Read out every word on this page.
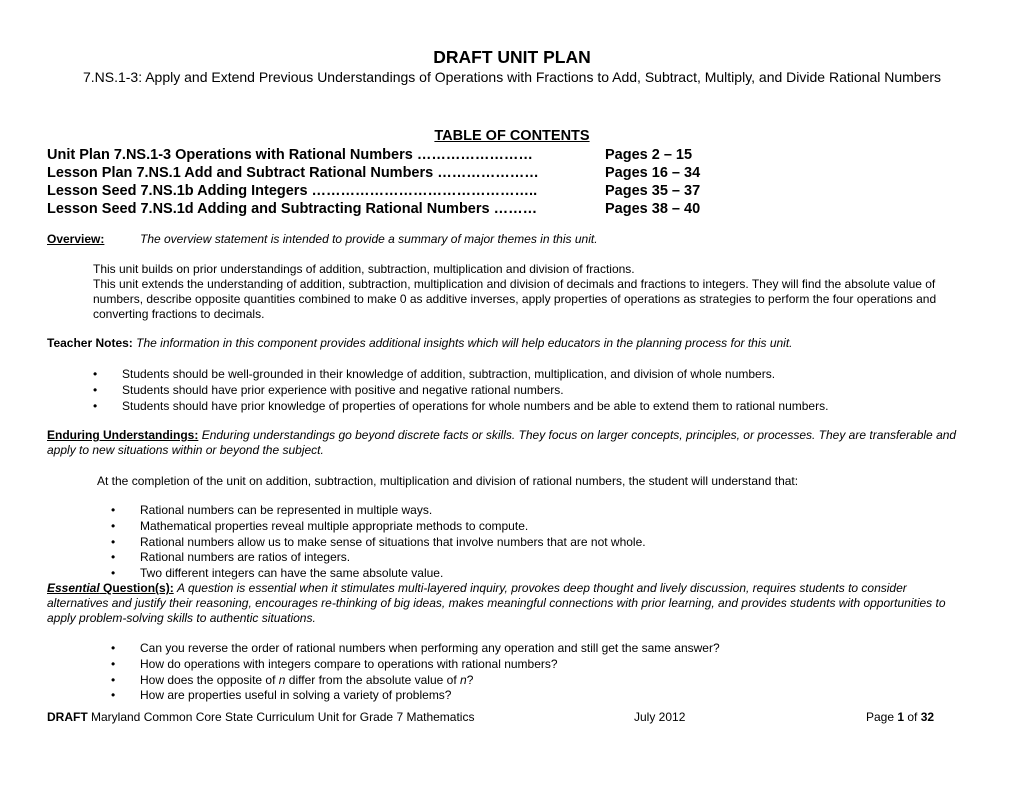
DRAFT UNIT PLAN
7.NS.1-3: Apply and Extend Previous Understandings of Operations with Fractions to Add, Subtract, Multiply, and Divide Rational Numbers
TABLE OF CONTENTS
Unit Plan 7.NS.1-3 Operations with Rational Numbers ……………………	Pages 2 – 15
Lesson Plan 7.NS.1 Add and Subtract Rational Numbers …………………	Pages 16 – 34
Lesson Seed 7.NS.1b Adding Integers ………………………………………..	Pages 35 – 37
Lesson Seed 7.NS.1d Adding and Subtracting Rational Numbers ………	Pages 38 – 40
Overview:	The overview statement is intended to provide a summary of major themes in this unit.
This unit builds on prior understandings of addition, subtraction, multiplication and division of fractions.
This unit extends the understanding of addition, subtraction, multiplication and division of decimals and fractions to integers. They will find the absolute value of numbers, describe opposite quantities combined to make 0 as additive inverses, apply properties of operations as strategies to perform the four operations and converting fractions to decimals.
Teacher Notes: The information in this component provides additional insights which will help educators in the planning process for this unit.
• Students should be well-grounded in their knowledge of addition, subtraction, multiplication, and division of whole numbers.
• Students should have prior experience with positive and negative rational numbers.
• Students should have prior knowledge of properties of operations for whole numbers and be able to extend them to rational numbers.
Enduring Understandings: Enduring understandings go beyond discrete facts or skills. They focus on larger concepts, principles, or processes. They are transferable and apply to new situations within or beyond the subject.
At the completion of the unit on addition, subtraction, multiplication and division of rational numbers, the student will understand that:
• Rational numbers can be represented in multiple ways.
• Mathematical properties reveal multiple appropriate methods to compute.
• Rational numbers allow us to make sense of situations that involve numbers that are not whole.
• Rational numbers are ratios of integers.
• Two different integers can have the same absolute value.
Essential Question(s): A question is essential when it stimulates multi-layered inquiry, provokes deep thought and lively discussion, requires students to consider alternatives and justify their reasoning, encourages re-thinking of big ideas, makes meaningful connections with prior learning, and provides students with opportunities to apply problem-solving skills to authentic situations.
• Can you reverse the order of rational numbers when performing any operation and still get the same answer?
• How do operations with integers compare to operations with rational numbers?
• How does the opposite of n differ from the absolute value of n?
• How are properties useful in solving a variety of problems?
DRAFT Maryland Common Core State Curriculum Unit for Grade 7 Mathematics	July 2012	Page 1 of 32
